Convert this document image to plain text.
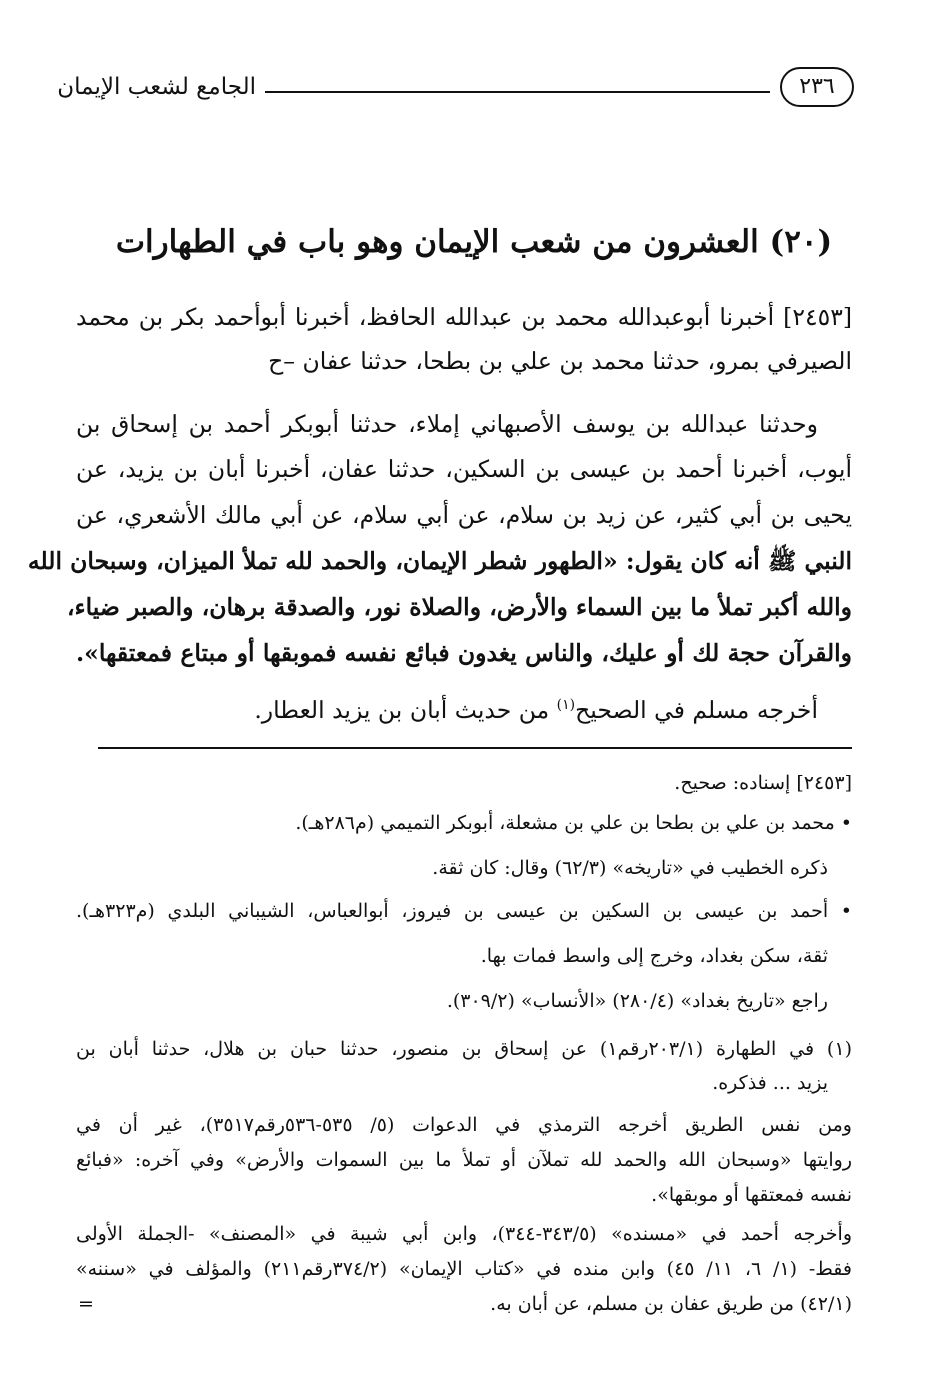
الجامع لشعب الإيمان	٢٣٦
(٢٠) العشرون من شعب الإيمان وهو باب في الطهارات
[٢٤٥٣] أخبرنا أبوعبدالله محمد بن عبدالله الحافظ، أخبرنا أبوأحمد بكر بن محمد
الصيرفي بمرو، حدثنا محمد بن علي بن بطحا، حدثنا عفان –ح
وحدثنا عبدالله بن يوسف الأصبهاني إملاء، حدثنا أبوبكر أحمد بن إسحاق بن
أيوب، أخبرنا أحمد بن عيسى بن السكين، حدثنا عفان، أخبرنا أبان بن يزيد، عن
يحيى بن أبي كثير، عن زيد بن سلام، عن أبي سلام، عن أبي مالك الأشعري، عن
النبي ﷺ أنه كان يقول: «الطهور شطر الإيمان، والحمد لله تملأ الميزان، وسبحان الله
والله أكبر تملأ ما بين السماء والأرض، والصلاة نور، والصدقة برهان، والصبر ضياء،
والقرآن حجة لك أو عليك، والناس يغدون فبائع نفسه فموبقها أو مبتاع فمعتقها».
أخرجه مسلم في الصحيح$^{(١)}$ من حديث أبان بن يزيد العطار.
[٢٤٥٣] إسناده: صحيح.
• محمد بن علي بن بطحا بن علي بن مشعلة، أبوبكر التميمي (م٢٨٦هـ).
ذكره الخطيب في «تاريخه» (٦٢/٣) وقال: كان ثقة.
• أحمد بن عيسى بن السكين بن عيسى بن فيروز، أبوالعباس، الشيباني البلدي (م٣٢٣هـ).
ثقة، سكن بغداد، وخرج إلى واسط فمات بها.
راجع «تاريخ بغداد» (٢٨٠/٤) «الأنساب» (٣٠٩/٢).
(١) في الطهارة (٢٠٣/١رقم١) عن إسحاق بن منصور، حدثنا حبان بن هلال، حدثنا أبان بن
يزيد ... فذكره.
ومن نفس الطريق أخرجه الترمذي في الدعوات (٥/ ٥٣٥-٥٣٦رقم٣٥١٧)، غير أن في
روايتها «وسبحان الله والحمد لله تملآن أو تملأ ما بين السموات والأرض» وفي آخره: «فبائع
نفسه فمعتقها أو موبقها».
وأخرجه أحمد في «مسنده» (٣٤٣/٥-٣٤٤)، وابن أبي شيبة في «المصنف» -الجملة الأولى
فقط- (١/ ٦، ١١/ ٤٥) وابن منده في «كتاب الإيمان» (٣٧٤/٢رقم٢١١) والمؤلف في «سننه»
(٤٢/١) من طريق عفان بن مسلم، عن أبان به.
=
